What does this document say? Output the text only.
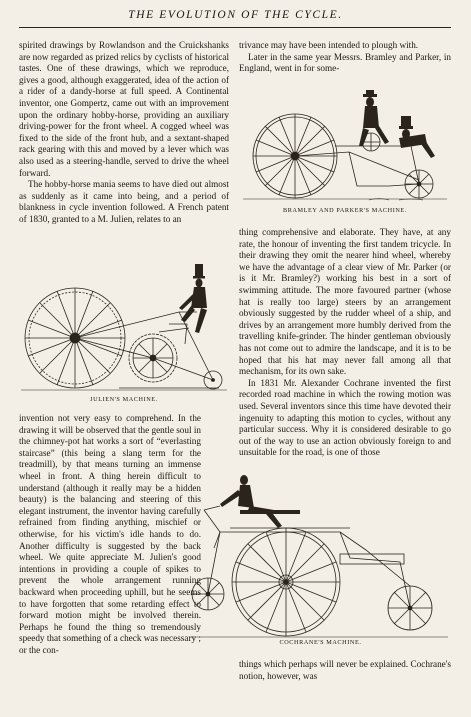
THE EVOLUTION OF THE CYCLE.

spirited drawings by Rowlandson and the Cruickshanks are now regarded as prized relics by cyclists of historical tastes. One of these drawings, which we reproduce, gives a good, although exaggerated, idea of the action of a rider of a dandy-horse at full speed. A Continental inventor, one Gompertz, came out with an improvement upon the ordinary hobby-horse, providing an auxiliary driving-power for the front wheel. A cogged wheel was fixed to the side of the front hub, and a sextant-shaped rack gearing with this and moved by a lever which was also used as a steering-handle, served to drive the wheel forward.

The hobby-horse mania seems to have died out almost as suddenly as it came into being, and a period of blankness in cycle invention followed. A French patent of 1830, granted to a M. Julien, relates to an

trivance may have been intended to plough with.

Later in the same year Messrs. Bramley and Parker, in England, went in for some-

BRAMLEY AND PARKER'S MACHINE.

thing comprehensive and elaborate. They have, at any rate, the honour of inventing the first tandem tricycle. In their drawing they omit the nearer hind wheel, whereby we have the advantage of a clear view of Mr. Parker (or is it Mr. Bramley?) working his best in a sort of swimming attitude. The more favoured partner (whose hat is really too large) steers by an arrangement obviously suggested by the rudder wheel of a ship, and drives by an arrangement more humbly derived from the travelling knife-grinder. The hinder gentleman obviously has not come out to admire the landscape, and it is to be hoped that his hat may never fall among all that mechanism, for its own sake.

In 1831 Mr. Alexander Cochrane invented the first recorded road machine in which the rowing motion was used. Several inventors since this time have devoted their ingenuity to adapting this motion to cycles, without any particular success. Why it is considered desirable to go out of the way to use an action obviously foreign to and unsuitable for the road, is one of those

JULIEN'S MACHINE.

invention not very easy to comprehend. In the drawing it will be observed that the gentle soul in the chimney-pot hat works a sort of “everlasting staircase” (this being a slang term for the treadmill), by that means turning an immense wheel in front. A thing herein difficult to understand (although it really may be a hidden beauty) is the balancing and steering of this elegant instrument, the inventor having carefully refrained from finding anything, mischief or otherwise, for his victim's idle hands to do. Another difficulty is suggested by the back wheel. We quite appreciate M. Julien's good intentions in providing a couple of spikes to prevent the whole arrangement running backward when proceeding uphill, but he seems to have forgotten that some retarding effect to forward motion might be involved therein. Perhaps he found the thing so tremendously speedy that something of a check was necessary ; or the con-

COCHRANE'S MACHINE.

things which perhaps will never be explained. Cochrane's notion, however, was
